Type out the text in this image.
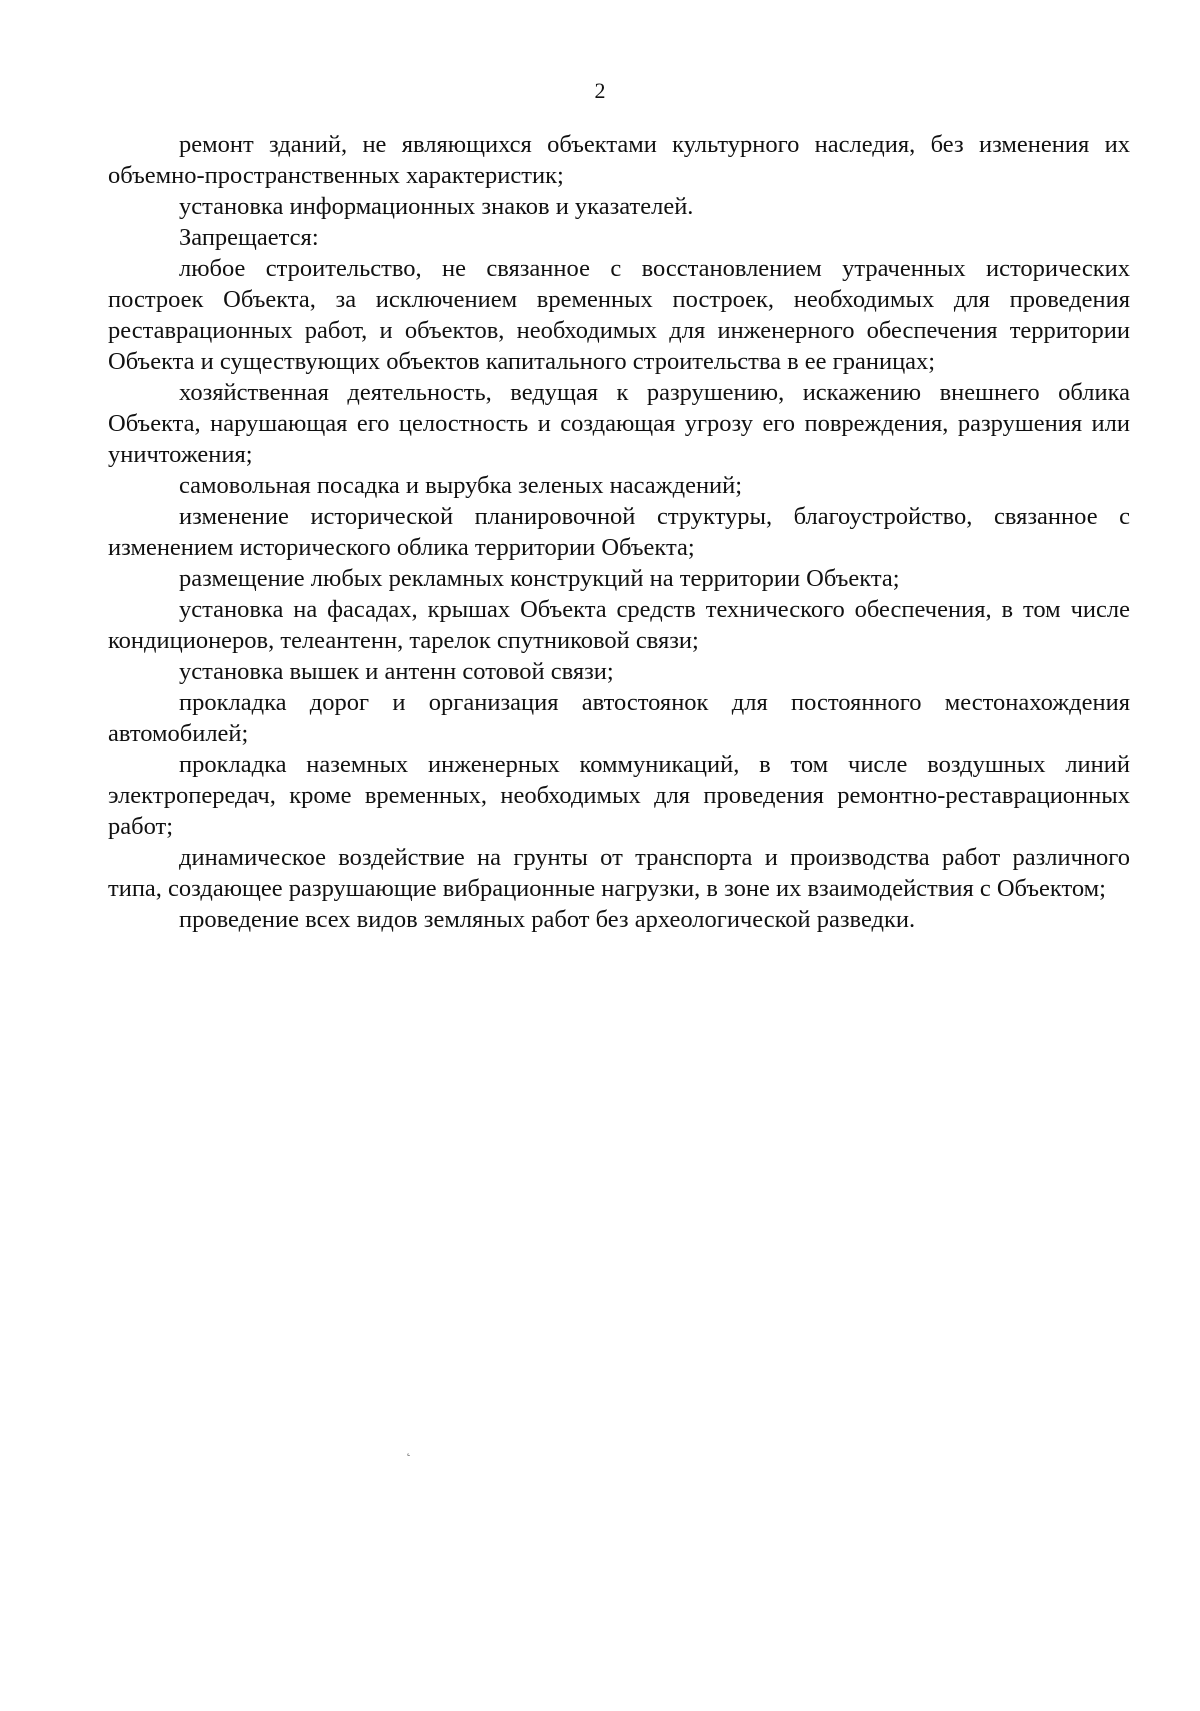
2

ремонт зданий, не являющихся объектами культурного наследия, без изменения их объемно-пространственных характеристик;

установка информационных знаков и указателей.

Запрещается:

любое строительство, не связанное с восстановлением утраченных исторических построек Объекта, за исключением временных построек, необходимых для проведения реставрационных работ, и объектов, необходимых для инженерного обеспечения территории Объекта и существующих объектов капитального строительства в ее границах;

хозяйственная деятельность, ведущая к разрушению, искажению внешнего облика Объекта, нарушающая его целостность и создающая угрозу его повреждения, разрушения или уничтожения;

самовольная посадка и вырубка зеленых насаждений;

изменение исторической планировочной структуры, благоустройство, связанное с изменением исторического облика территории Объекта;

размещение любых рекламных конструкций на территории Объекта;

установка на фасадах, крышах Объекта средств технического обеспечения, в том числе кондиционеров, телеантенн, тарелок спутниковой связи;

установка вышек и антенн сотовой связи;

прокладка дорог и организация автостоянок для постоянного местонахождения автомобилей;

прокладка наземных инженерных коммуникаций, в том числе воздушных линий электропередач, кроме временных, необходимых для проведения ремонтно-реставрационных работ;

динамическое воздействие на грунты от транспорта и производства работ различного типа, создающее разрушающие вибрационные нагрузки, в зоне их взаимодействия с Объектом;

проведение всех видов земляных работ без археологической разведки.

˛
